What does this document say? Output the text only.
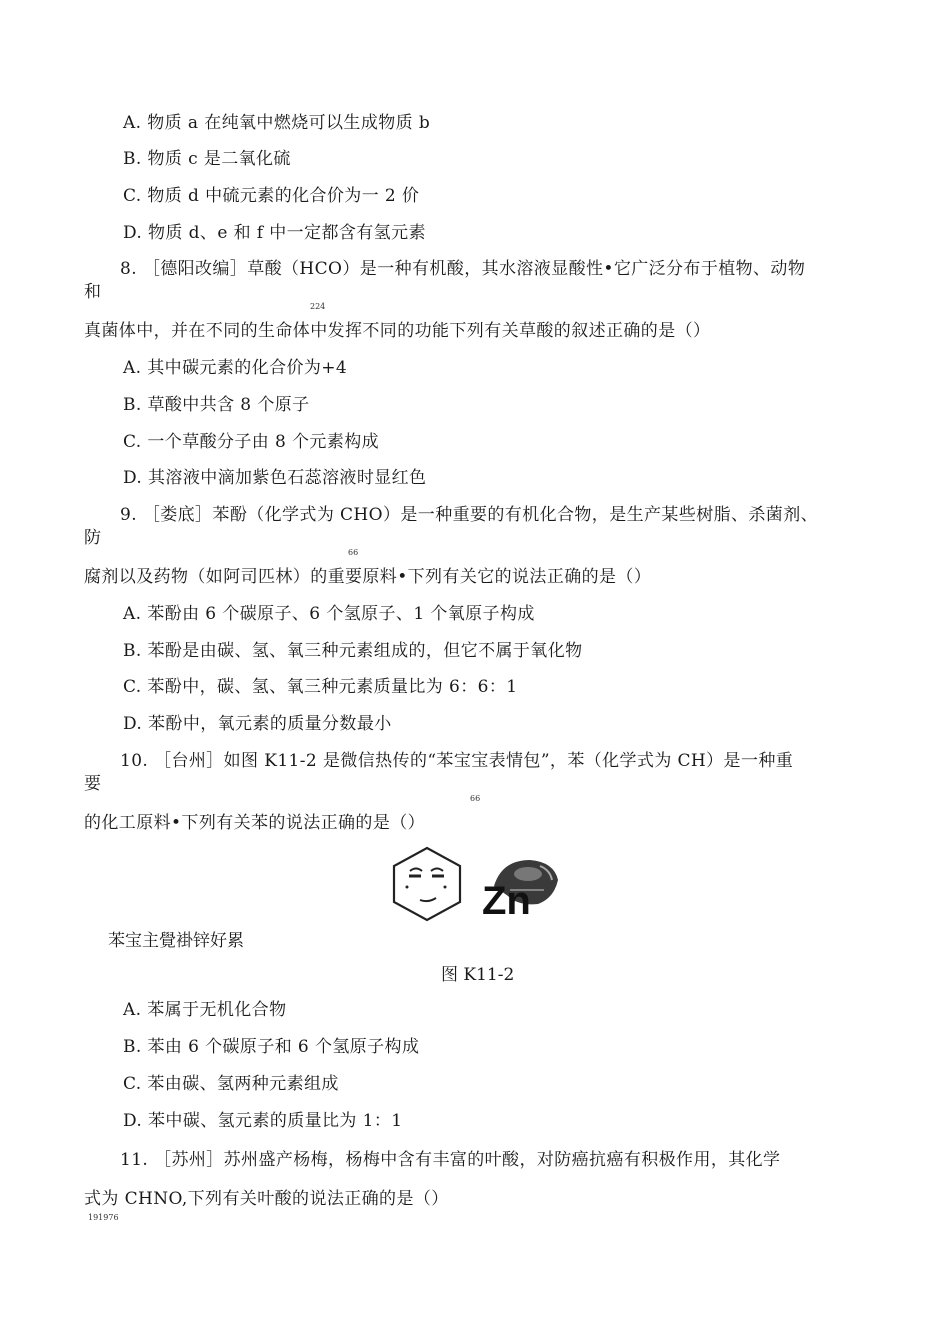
A. 物质 a 在纯氧中燃烧可以生成物质 b
B. 物质 c 是二氧化硫
C. 物质 d 中硫元素的化合价为一 2 价
D. 物质 d、e 和 f 中一定都含有氢元素
8. ［德阳改编］草酸（HCO）是一种有机酸，其水溶液显酸性•它广泛分布于植物、动物
和
224
真菌体中，并在不同的生命体中发挥不同的功能下列有关草酸的叙述正确的是（）
A. 其中碳元素的化合价为+4
B. 草酸中共含 8 个原子
C. 一个草酸分子由 8 个元素构成
D. 其溶液中滴加紫色石蕊溶液时显红色
9. ［娄底］苯酚（化学式为 CHO）是一种重要的有机化合物，是生产某些树脂、杀菌剂、
防
66
腐剂以及药物（如阿司匹林）的重要原料•下列有关它的说法正确的是（）
A. 苯酚由 6 个碳原子、6 个氢原子、1 个氧原子构成
B. 苯酚是由碳、氢、氧三种元素组成的，但它不属于氧化物
C. 苯酚中，碳、氢、氧三种元素质量比为 6：6：1
D. 苯酚中，氧元素的质量分数最小
10. ［台州］如图 K11-2 是微信热传的“苯宝宝表情包”，苯（化学式为 CH）是一种重
要
66
的化工原料•下列有关苯的说法正确的是（）
Zn
苯宝主覺褂锌好累
图 K11-2
A. 苯属于无机化合物
B. 苯由 6 个碳原子和 6 个氢原子构成
C. 苯由碳、氢两种元素组成
D. 苯中碳、氢元素的质量比为 1：1
11. ［苏州］苏州盛产杨梅，杨梅中含有丰富的叶酸，对防癌抗癌有积极作用，其化学
式为 CHNO,下列有关叶酸的说法正确的是（）
191976
